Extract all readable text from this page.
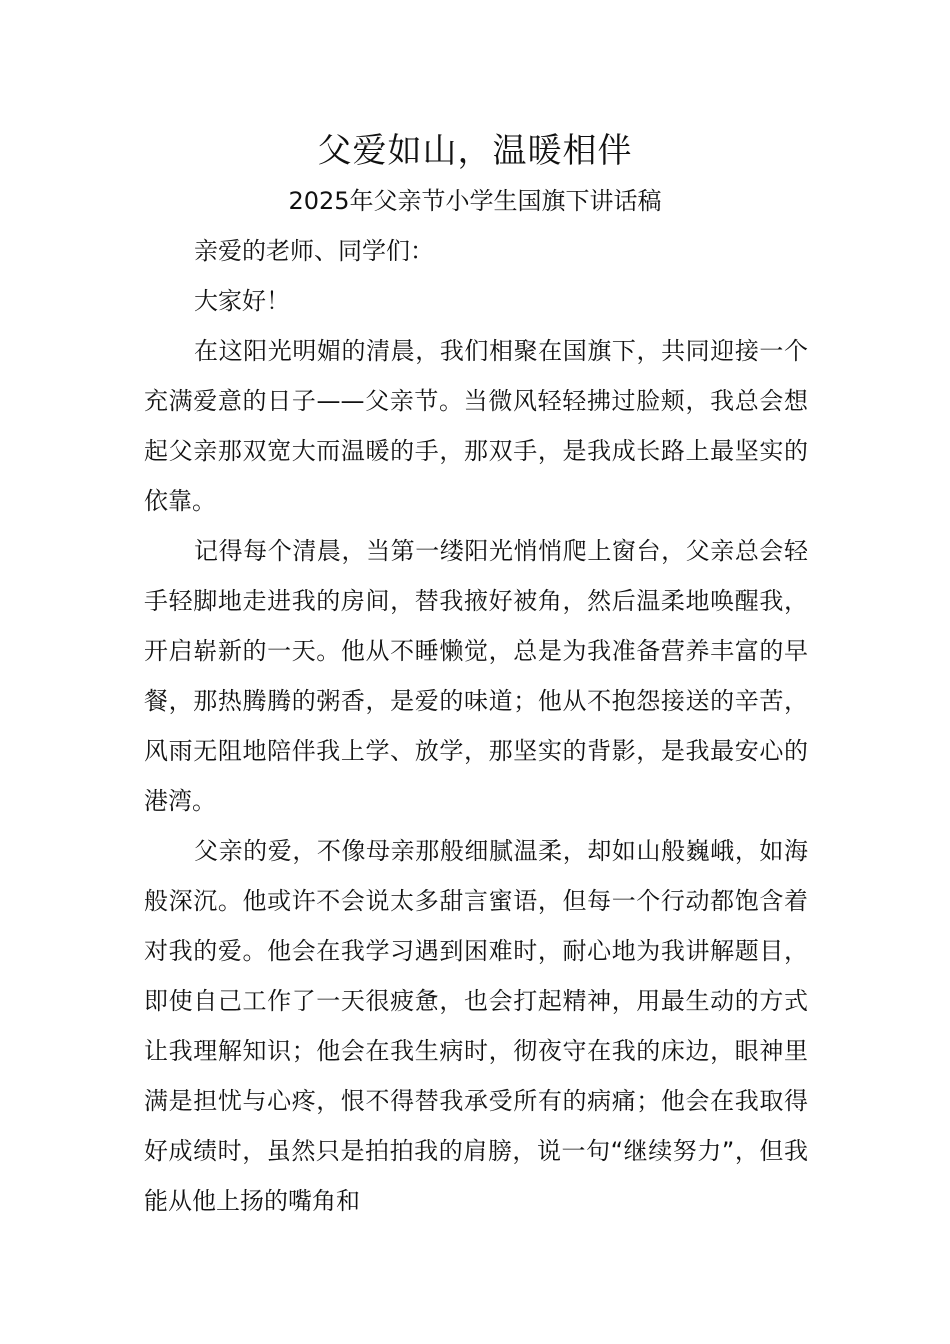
父爱如山，温暖相伴
2025年父亲节小学生国旗下讲话稿

亲爱的老师、同学们：

大家好！

在这阳光明媚的清晨，我们相聚在国旗下，共同迎接一个充满爱意的日子——父亲节。当微风轻轻拂过脸颊，我总会想起父亲那双宽大而温暖的手，那双手，是我成长路上最坚实的依靠。

记得每个清晨，当第一缕阳光悄悄爬上窗台，父亲总会轻手轻脚地走进我的房间，替我掖好被角，然后温柔地唤醒我，开启崭新的一天。他从不睡懒觉，总是为我准备营养丰富的早餐，那热腾腾的粥香，是爱的味道；他从不抱怨接送的辛苦，风雨无阻地陪伴我上学、放学，那坚实的背影，是我最安心的港湾。

父亲的爱，不像母亲那般细腻温柔，却如山般巍峨，如海般深沉。他或许不会说太多甜言蜜语，但每一个行动都饱含着对我的爱。他会在我学习遇到困难时，耐心地为我讲解题目，即使自己工作了一天很疲惫，也会打起精神，用最生动的方式让我理解知识；他会在我生病时，彻夜守在我的床边，眼神里满是担忧与心疼，恨不得替我承受所有的病痛；他会在我取得好成绩时，虽然只是拍拍我的肩膀，说一句“继续努力”，但我能从他上扬的嘴角和
